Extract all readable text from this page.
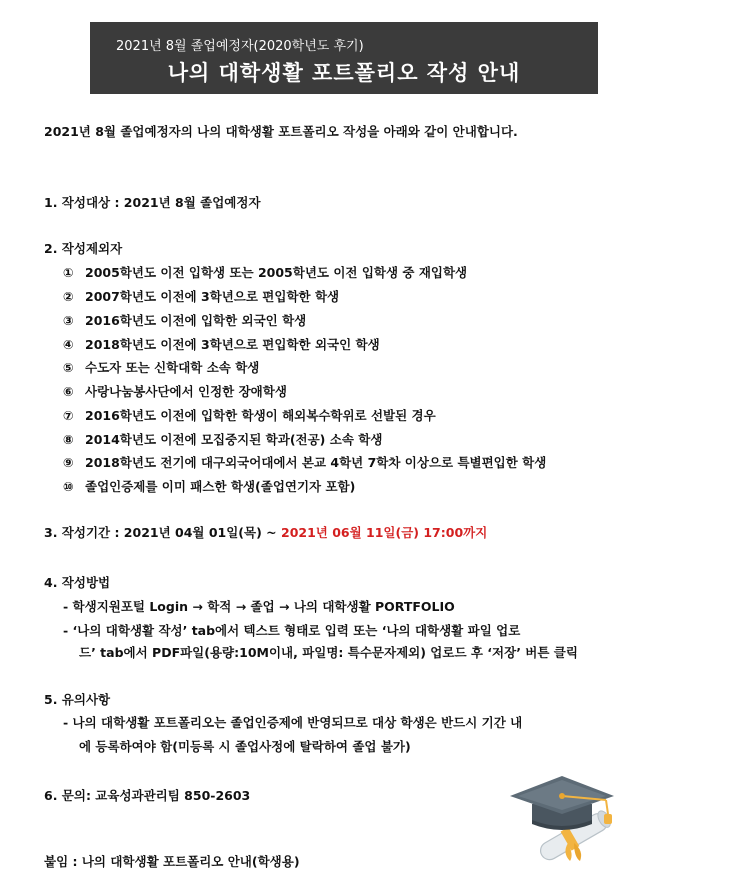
2021년 8월 졸업예정자(2020학년도 후기)
나의 대학생활 포트폴리오 작성 안내
2021년 8월 졸업예정자의 나의 대학생활 포트폴리오 작성을 아래와 같이 안내합니다.
1. 작성대상 : 2021년 8월 졸업예정자
2. 작성제외자
① 2005학년도 이전 입학생 또는 2005학년도 이전 입학생 중 재입학생
② 2007학년도 이전에 3학년으로 편입학한 학생
③ 2016학년도 이전에 입학한 외국인 학생
④ 2018학년도 이전에 3학년으로 편입학한 외국인 학생
⑤ 수도자 또는 신학대학 소속 학생
⑥ 사랑나눔봉사단에서 인정한 장애학생
⑦ 2016학년도 이전에 입학한 학생이 해외복수학위로 선발된 경우
⑧ 2014학년도 이전에 모집중지된 학과(전공) 소속 학생
⑨ 2018학년도 전기에 대구외국어대에서 본교 4학년 7학차 이상으로 특별편입한 학생
⑩ 졸업인증제를 이미 패스한 학생(졸업연기자 포함)
3. 작성기간 : 2021년 04월 01일(목) ~ 2021년 06월 11일(금) 17:00까지
4. 작성방법
- 학생지원포털 Login → 학적 → 졸업 → 나의 대학생활 PORTFOLIO
- ‘나의 대학생활 작성’ tab에서 텍스트 형태로 입력 또는 ‘나의 대학생활 파일 업로
드’ tab에서 PDF파일(용량:10M이내, 파일명: 특수문자제외) 업로드 후 ‘저장’ 버튼 클릭
5. 유의사항
- 나의 대학생활 포트폴리오는 졸업인증제에 반영되므로 대상 학생은 반드시 기간 내
에 등록하여야 함(미등록 시 졸업사정에 탈락하여 졸업 불가)
6. 문의: 교육성과관리팀 850-2603
붙임 : 나의 대학생활 포트폴리오 안내(학생용)
